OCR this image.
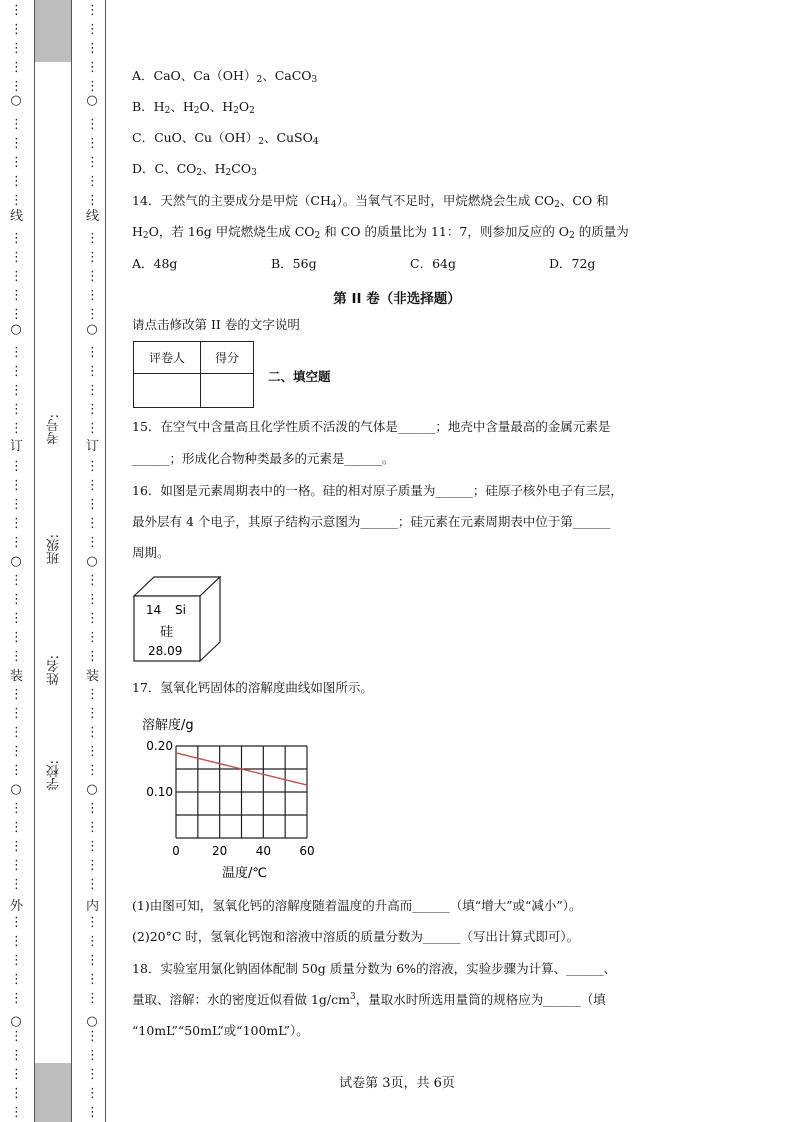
⋮
⋮
⋮
⋮
⋮
○
⋮
⋮
⋮
⋮
⋮
线
⋮
⋮
⋮
⋮
⋮
○
⋮
⋮
⋮
⋮
⋮
订
⋮
⋮
⋮
⋮
⋮
○
⋮
⋮
⋮
⋮
⋮
装
⋮
⋮
⋮
⋮
⋮
○
⋮
⋮
⋮
⋮
⋮
外
⋮
⋮
⋮
⋮
⋮
○
⋮
⋮
⋮
⋮
⋮
⋮
⋮
⋮
⋮
⋮
○
⋮
⋮
⋮
⋮
⋮
线
⋮
⋮
⋮
⋮
⋮
○
⋮
⋮
⋮
⋮
⋮
订
⋮
⋮
⋮
⋮
⋮
○
⋮
⋮
⋮
⋮
⋮
装
⋮
⋮
⋮
⋮
⋮
○
⋮
⋮
⋮
⋮
⋮
内
⋮
⋮
⋮
⋮
⋮
○
⋮
⋮
⋮
⋮
⋮
考号:
班级:
姓名:
学校:
A．CaO、$Ca(OH)_2$、CaCO$_3$
B．$H_2$、$H_2O$、$H_2O_2$
C．CuO、$Cu(OH)_2$、CuSO$_4$
D．C、$CO_2$、$H_2CO_3$
14．天然气的主要成分是甲烷$(CH_4)$。当氧气不足时，甲烷燃烧会生成 $CO_2$、CO 和
$H_2O$，若 16g 甲烷燃烧生成 $CO_2$ 和 CO 的质量比为 11：7，则参加反应的 $O_2$ 的质量为
A．48g	B．56g	C．64g	D．72g
第 II 卷（非选择题）
请点击修改第 II 卷的文字说明
评卷人	得分

二、填空题
15．在空气中含量高且化学性质不活泼的气体是______；地壳中含量最高的金属元素是
______；形成化合物种类最多的元素是______。
16．如图是元素周期表中的一格。硅的相对原子质量为______；硅原子核外电子有三层，
最外层有 4 个电子，其原子结构示意图为______；硅元素在元素周期表中位于第______
周期。
14 Si
硅
28.09
17．氢氧化钙固体的溶解度曲线如图所示。
溶解度/g
0	20 40 60
0.10
0.20
温度/℃
(1)由图可知，氢氧化钙的溶解度随着温度的升高而______（填“增大”或“减小”）。
(2)20°C 时，氢氧化钙饱和溶液中溶质的质量分数为______（写出计算式即可）。
18．实验室用氯化钠固体配制 50g 质量分数为 6%的溶液，实验步骤为计算、______、
量取、溶解：水的密度近似看做 $1g/cm^3$，量取水时所选用量筒的规格应为______（填
“10mL”“50mL”或“100mL”）。
试卷第 3页，共 6页
